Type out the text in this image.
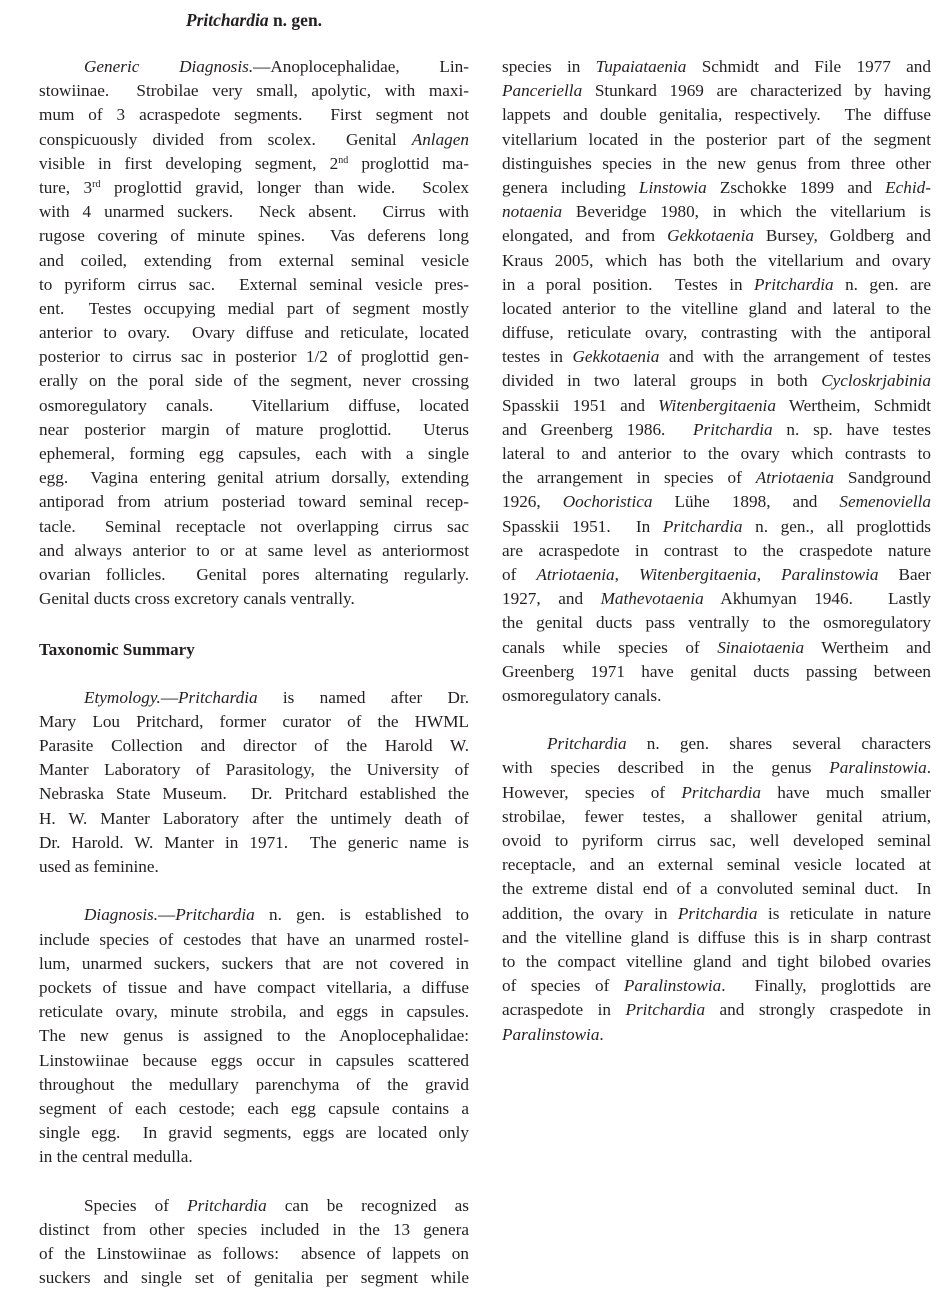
Pritchardia n. gen.
Generic Diagnosis.—Anoplocephalidae, Lin-
stowiinae.  Strobilae very small, apolytic, with maxi-
mum of 3 acraspedote segments.  First segment not
conspicuously divided from scolex.  Genital Anlagen
visible in first developing segment, 2nd proglottid ma-
ture, 3rd proglottid gravid, longer than wide.  Scolex
with 4 unarmed suckers.  Neck absent.  Cirrus with
rugose covering of minute spines.  Vas deferens long
and coiled, extending from external seminal vesicle
to pyriform cirrus sac.  External seminal vesicle pres-
ent.  Testes occupying medial part of segment mostly
anterior to ovary.  Ovary diffuse and reticulate, located
posterior to cirrus sac in posterior 1/2 of proglottid gen-
erally on the poral side of the segment, never crossing
osmoregulatory canals.  Vitellarium diffuse, located
near posterior margin of mature proglottid.  Uterus
ephemeral, forming egg capsules, each with a single
egg.  Vagina entering genital atrium dorsally, extending
antiporad from atrium posteriad toward seminal recep-
tacle.  Seminal receptacle not overlapping cirrus sac
and always anterior to or at same level as anteriormost
ovarian follicles.  Genital pores alternating regularly.
Genital ducts cross excretory canals ventrally.
Taxonomic Summary
Etymology.—Pritchardia is named after Dr.
Mary Lou Pritchard, former curator of the HWML
Parasite Collection and director of the Harold W.
Manter Laboratory of Parasitology, the University of
Nebraska State Museum.  Dr. Pritchard established the
H. W. Manter Laboratory after the untimely death of
Dr. Harold. W. Manter in 1971.  The generic name is
used as feminine.
Diagnosis.—Pritchardia n. gen. is established to
include species of cestodes that have an unarmed rostel-
lum, unarmed suckers, suckers that are not covered in
pockets of tissue and have compact vitellaria, a diffuse
reticulate ovary, minute strobila, and eggs in capsules.
The new genus is assigned to the Anoplocephalidae:
Linstowiinae because eggs occur in capsules scattered
throughout the medullary parenchyma of the gravid
segment of each cestode; each egg capsule contains a
single egg.  In gravid segments, eggs are located only
in the central medulla.
Species of Pritchardia can be recognized as
distinct from other species included in the 13 genera
of the Linstowiinae as follows:  absence of lappets on
suckers and single set of genitalia per segment while
species in Tupaiataenia Schmidt and File 1977 and
Panceriella Stunkard 1969 are characterized by having
lappets and double genitalia, respectively.  The diffuse
vitellarium located in the posterior part of the segment
distinguishes species in the new genus from three other
genera including Linstowia Zschokke 1899 and Echid-
notaenia Beveridge 1980, in which the vitellarium is
elongated, and from Gekkotaenia Bursey, Goldberg and
Kraus 2005, which has both the vitellarium and ovary
in a poral position.  Testes in Pritchardia n. gen. are
located anterior to the vitelline gland and lateral to the
diffuse, reticulate ovary, contrasting with the antiporal
testes in Gekkotaenia and with the arrangement of testes
divided in two lateral groups in both Cycloskrjabinia
Spasskii 1951 and Witenbergitaenia Wertheim, Schmidt
and Greenberg 1986.  Pritchardia n. sp. have testes
lateral to and anterior to the ovary which contrasts to
the arrangement in species of Atriotaenia Sandground
1926, Oochoristica Lühe 1898, and Semenoviella
Spasskii 1951.  In Pritchardia n. gen., all proglottids
are acraspedote in contrast to the craspedote nature
of Atriotaenia, Witenbergitaenia, Paralinstowia Baer
1927, and Mathevotaenia Akhumyan 1946.  Lastly
the genital ducts pass ventrally to the osmoregulatory
canals while species of Sinaiotaenia Wertheim and
Greenberg 1971 have genital ducts passing between
osmoregulatory canals.
Pritchardia n. gen. shares several characters
with species described in the genus Paralinstowia.
However, species of Pritchardia have much smaller
strobilae, fewer testes, a shallower genital atrium,
ovoid to pyriform cirrus sac, well developed seminal
receptacle, and an external seminal vesicle located at
the extreme distal end of a convoluted seminal duct.  In
addition, the ovary in Pritchardia is reticulate in nature
and the vitelline gland is diffuse this is in sharp contrast
to the compact vitelline gland and tight bilobed ovaries
of species of Paralinstowia.  Finally, proglottids are
acraspedote in Pritchardia and strongly craspedote in
Paralinstowia.
